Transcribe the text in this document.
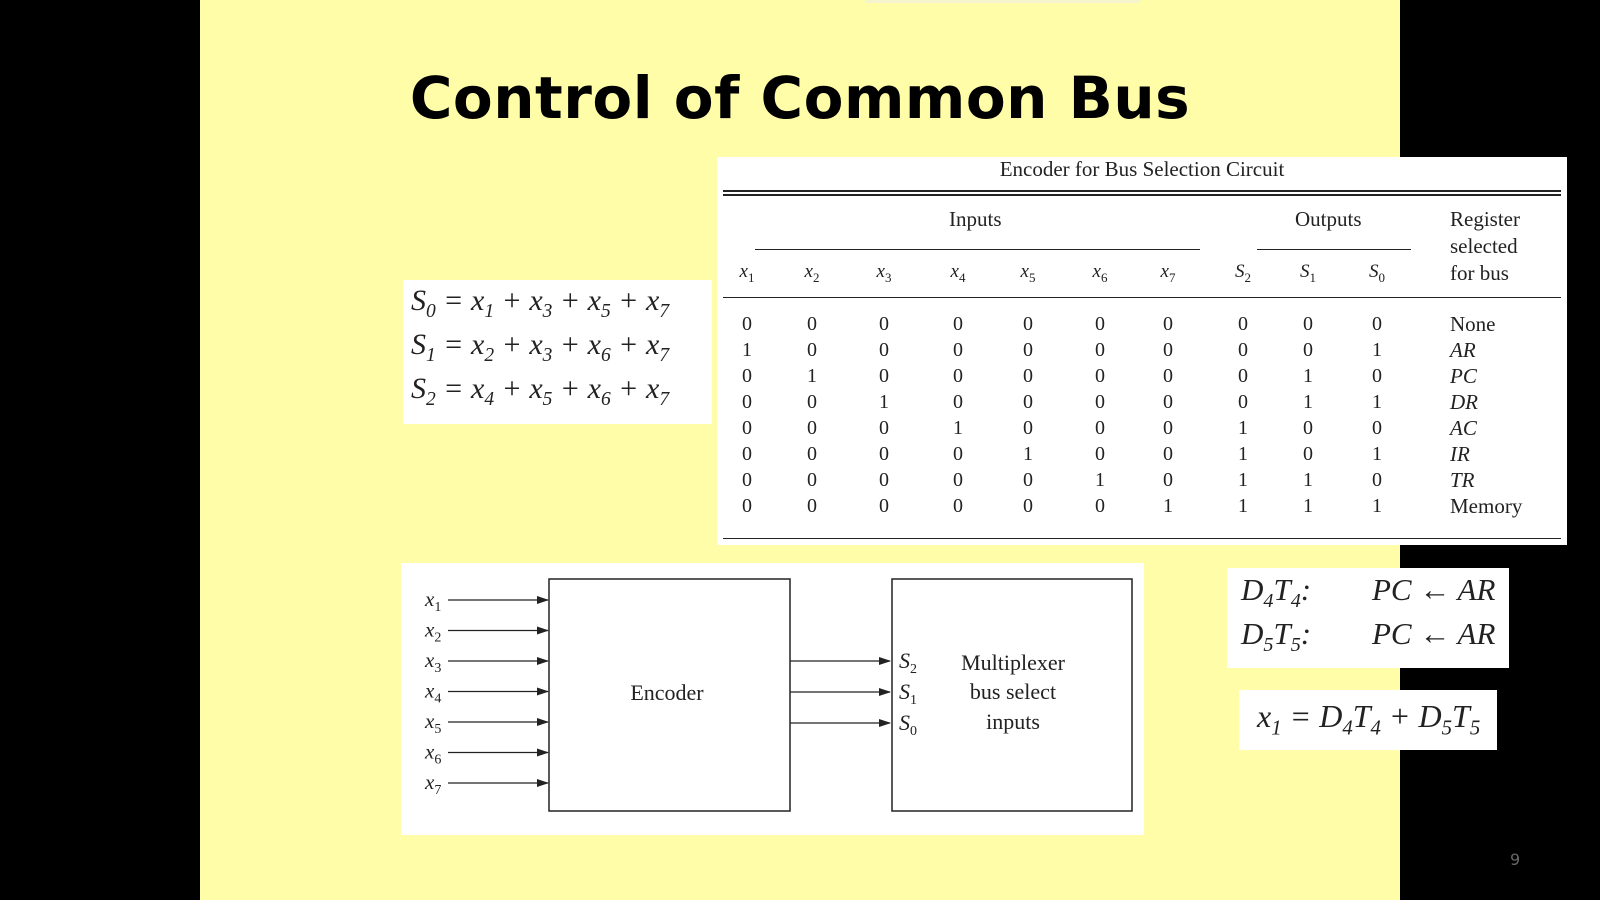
Control of Common Bus
$S_0 = x_1 + x_3 + x_5 + x_7$
$S_1 = x_2 + x_3 + x_6 + x_7$
$S_2 = x_4 + x_5 + x_6 + x_7$
Encoder for Bus Selection Circuit
Inputs	Outputs	Register
selected
for bus
$x_1$	$x_2$	$x_3$	$x_4$	$x_5$	$x_6$	$x_7$	$S_2$	$S_1$	$S_0$
0	0	0	0	0	0	0	0	0	0	None
1	0	0	0	0	0	0	0	0	1	AR
0	1	0	0	0	0	0	0	1	0	PC
0	0	1	0	0	0	0	0	1	1	DR
0	0	0	1	0	0	0	1	0	0	AC
0	0	0	0	1	0	0	1	0	1	IR
0	0	0	0	0	1	0	1	1	0	TR
0	0	0	0	0	0	1	1	1	1	Memory
$x_1$
$x_2$
$x_3$
$x_4$
$x_5$
$x_6$
$x_7$
$S_2$
$S_1$
$S_0$
Encoder
Multiplexer
bus select
inputs
$D_4T_4$: PC ← AR
$D_5T_5$: PC ← AR
$x_1 = D_4T_4 + D_5T_5$
9
